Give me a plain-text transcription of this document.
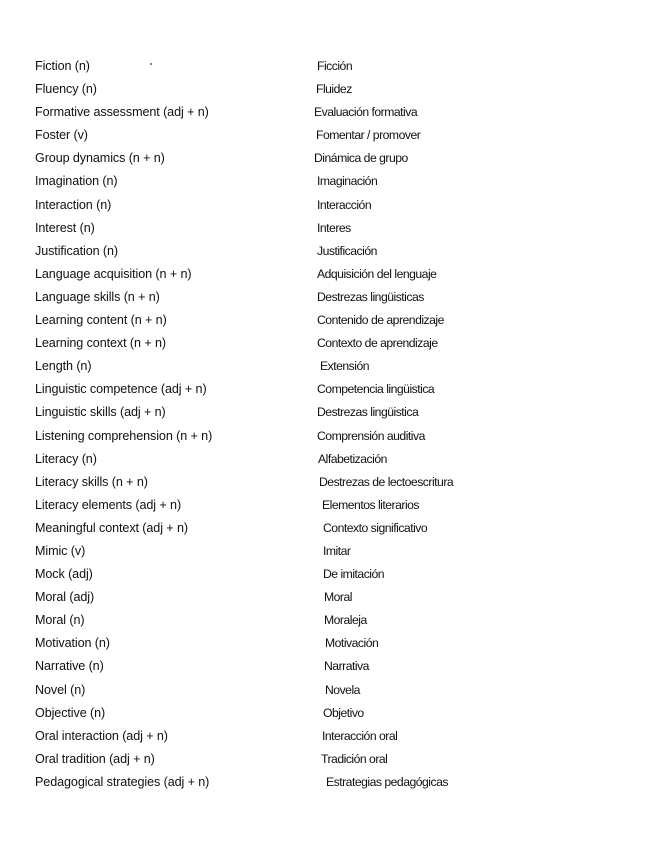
Fiction (n)	Ficción
Fluency (n)	Fluidez
Formative assessment (adj + n)	Evaluación formativa
Foster (v)	Fomentar / promover
Group dynamics (n + n)	Dinámica de grupo
Imagination (n)	Imaginación
Interaction (n)	Interacción
Interest (n)	Interes
Justification (n)	Justificación
Language acquisition (n + n)	Adquisición del lenguaje
Language skills (n + n)	Destrezas lingüisticas
Learning content (n + n)	Contenido de aprendizaje
Learning context (n + n)	Contexto de aprendizaje
Length (n)	Extensión
Linguistic competence (adj + n)	Competencia lingüistica
Linguistic skills (adj + n)	Destrezas lingüistica
Listening comprehension (n + n)	Comprensión auditiva
Literacy (n)	Alfabetización
Literacy skills (n + n)	Destrezas de lectoescritura
Literacy elements (adj + n)	Elementos literarios
Meaningful context (adj + n)	Contexto significativo
Mimic (v)	Imitar
Mock (adj)	De imitación
Moral (adj)	Moral
Moral (n)	Moraleja
Motivation (n)	Motivación
Narrative (n)	Narrativa
Novel (n)	Novela
Objective (n)	Objetivo
Oral interaction (adj + n)	Interacción oral
Oral tradition (adj + n)	Tradición oral
Pedagogical strategies (adj + n)	Estrategias pedagógicas
